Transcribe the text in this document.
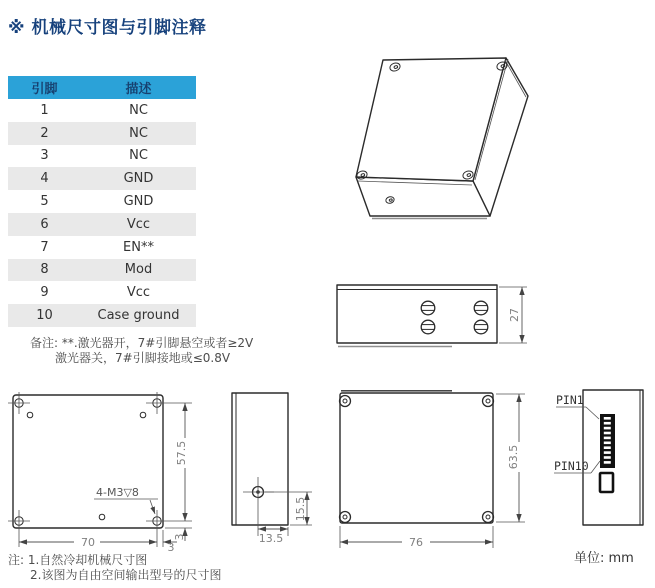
※ 机械尺寸图与引脚注释
引脚	描述
1	NC
2	NC
3	NC
4	GND
5	GND
6	Vcc
7	EN**
8	Mod
9	Vcc
10	Case ground
备注: **.激光器开，7#引脚悬空或者≥2V
激光器关，7#引脚接地或≤0.8V
注: 1.自然冷却机械尺寸图
2.该图为自由空间输出型号的尺寸图
单位: mm
27
4-M3▽8
70	3
57.5
3	13.5
15.5
63.5
76
PIN1
PIN10
